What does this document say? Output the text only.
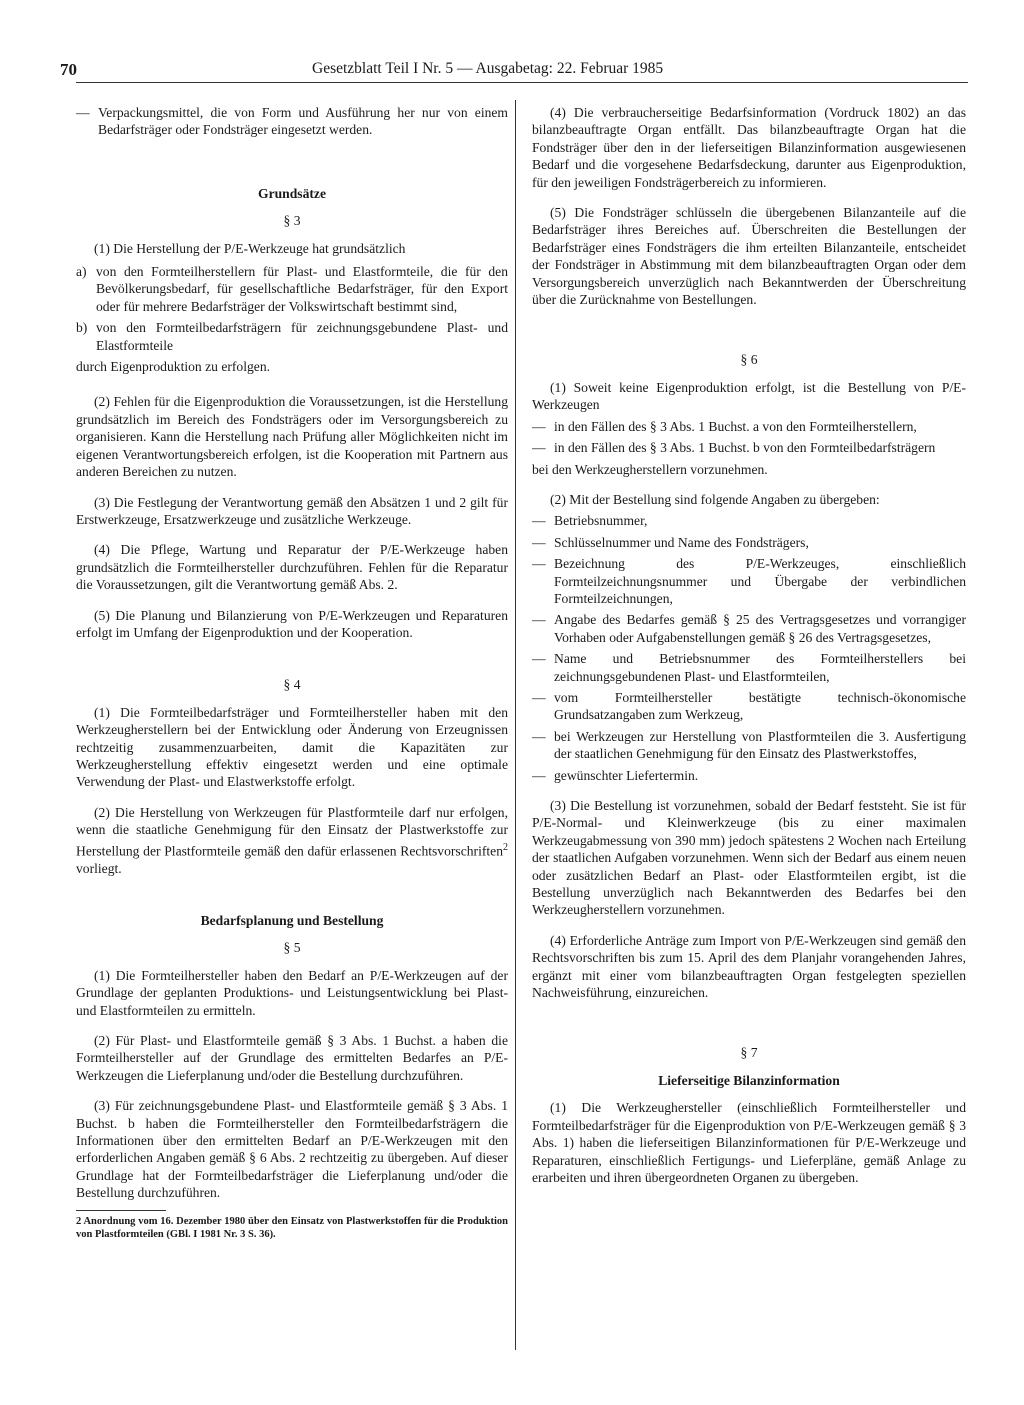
70	Gesetzblatt Teil I Nr. 5 — Ausgabetag: 22. Februar 1985
— Verpackungsmittel, die von Form und Ausführung her nur von einem Bedarfsträger oder Fondsträger eingesetzt werden.
Grundsätze
§ 3

(1) Die Herstellung der P/E-Werkzeuge hat grundsätzlich

a) von den Formteilherstellern für Plast- und Elastformteile, die für den Bevölkerungsbedarf, für gesellschaftliche Bedarfsträger, für den Export oder für mehrere Bedarfsträger der Volkswirtschaft bestimmt sind,
b) von den Formteilbedarfsträgern für zeichnungsgebundene Plast- und Elastformteile

durch Eigenproduktion zu erfolgen.

(2) Fehlen für die Eigenproduktion die Voraussetzungen, ist die Herstellung grundsätzlich im Bereich des Fondsträgers oder im Versorgungsbereich zu organisieren. Kann die Herstellung nach Prüfung aller Möglichkeiten nicht im eigenen Verantwortungsbereich erfolgen, ist die Kooperation mit Partnern aus anderen Bereichen zu nutzen.

(3) Die Festlegung der Verantwortung gemäß den Absätzen 1 und 2 gilt für Erstwerkzeuge, Ersatzwerkzeuge und zusätzliche Werkzeuge.

(4) Die Pflege, Wartung und Reparatur der P/E-Werkzeuge haben grundsätzlich die Formteilhersteller durchzuführen. Fehlen für die Reparatur die Voraussetzungen, gilt die Verantwortung gemäß Abs. 2.

(5) Die Planung und Bilanzierung von P/E-Werkzeugen und Reparaturen erfolgt im Umfang der Eigenproduktion und der Kooperation.

§ 4

(1) Die Formteilbedarfsträger und Formteilhersteller haben mit den Werkzeugherstellern bei der Entwicklung oder Änderung von Erzeugnissen rechtzeitig zusammenzuarbeiten, damit die Kapazitäten zur Werkzeugherstellung effektiv eingesetzt werden und eine optimale Verwendung der Plast- und Elastwerkstoffe erfolgt.

(2) Die Herstellung von Werkzeugen für Plastformteile darf nur erfolgen, wenn die staatliche Genehmigung für den Einsatz der Plastwerkstoffe zur Herstellung der Plastformteile gemäß den dafür erlassenen Rechtsvorschriften$^2$ vorliegt.

Bedarfsplanung und Bestellung
§ 5

(1) Die Formteilhersteller haben den Bedarf an P/E-Werkzeugen auf der Grundlage der geplanten Produktions- und Leistungsentwicklung bei Plast- und Elastformteilen zu ermitteln.

(2) Für Plast- und Elastformteile gemäß § 3 Abs. 1 Buchst. a haben die Formteilhersteller auf der Grundlage des ermittelten Bedarfes an P/E-Werkzeugen die Lieferplanung und/oder die Bestellung durchzuführen.

(3) Für zeichnungsgebundene Plast- und Elastformteile gemäß § 3 Abs. 1 Buchst. b haben die Formteilhersteller den Formteilbedarfsträgern die Informationen über den ermittelten Bedarf an P/E-Werkzeugen mit den erforderlichen Angaben gemäß § 6 Abs. 2 rechtzeitig zu übergeben. Auf dieser Grundlage hat der Formteilbedarfsträger die Lieferplanung und/oder die Bestellung durchzuführen.

2 Anordnung vom 16. Dezember 1980 über den Einsatz von Plastwerkstoffen für die Produktion von Plastformteilen (GBl. I 1981 Nr. 3 S. 36).

(4) Die verbraucherseitige Bedarfsinformation (Vordruck 1802) an das bilanzbeauftragte Organ entfällt. Das bilanzbeauftragte Organ hat die Fondsträger über den in der lieferseitigen Bilanzinformation ausgewiesenen Bedarf und die vorgesehene Bedarfsdeckung, darunter aus Eigenproduktion, für den jeweiligen Fondsträgerbereich zu informieren.

(5) Die Fondsträger schlüsseln die übergebenen Bilanzanteile auf die Bedarfsträger ihres Bereiches auf. Überschreiten die Bestellungen der Bedarfsträger eines Fondsträgers die ihm erteilten Bilanzanteile, entscheidet der Fondsträger in Abstimmung mit dem bilanzbeauftragten Organ oder dem Versorgungsbereich unverzüglich nach Bekanntwerden der Überschreitung über die Zurücknahme von Bestellungen.

§ 6

(1) Soweit keine Eigenproduktion erfolgt, ist die Bestellung von P/E-Werkzeugen

— in den Fällen des § 3 Abs. 1 Buchst. a von den Formteilherstellern,
— in den Fällen des § 3 Abs. 1 Buchst. b von den Formteilbedarfsträgern

bei den Werkzeugherstellern vorzunehmen.

(2) Mit der Bestellung sind folgende Angaben zu übergeben:

— Betriebsnummer,
— Schlüsselnummer und Name des Fondsträgers,
— Bezeichnung des P/E-Werkzeuges, einschließlich Formteilzeichnungsnummer und Übergabe der verbindlichen Formteilzeichnungen,
— Angabe des Bedarfes gemäß § 25 des Vertragsgesetzes und vorrangiger Vorhaben oder Aufgabenstellungen gemäß § 26 des Vertragsgesetzes,
— Name und Betriebsnummer des Formteilherstellers bei zeichnungsgebundenen Plast- und Elastformteilen,
— vom Formteilhersteller bestätigte technisch-ökonomische Grundsatzangaben zum Werkzeug,
— bei Werkzeugen zur Herstellung von Plastformteilen die 3. Ausfertigung der staatlichen Genehmigung für den Einsatz des Plastwerkstoffes,
— gewünschter Liefertermin.

(3) Die Bestellung ist vorzunehmen, sobald der Bedarf feststeht. Sie ist für P/E-Normal- und Kleinwerkzeuge (bis zu einer maximalen Werkzeugabmessung von 390 mm) jedoch spätestens 2 Wochen nach Erteilung der staatlichen Aufgaben vorzunehmen. Wenn sich der Bedarf aus einem neuen oder zusätzlichen Bedarf an Plast- oder Elastformteilen ergibt, ist die Bestellung unverzüglich nach Bekanntwerden des Bedarfes bei den Werkzeugherstellern vorzunehmen.

(4) Erforderliche Anträge zum Import von P/E-Werkzeugen sind gemäß den Rechtsvorschriften bis zum 15. April des dem Planjahr vorangehenden Jahres, ergänzt mit einer vom bilanzbeauftragten Organ festgelegten speziellen Nachweisführung, einzureichen.

§ 7
Lieferseitige Bilanzinformation

(1) Die Werkzeughersteller (einschließlich Formteilhersteller und Formteilbedarfsträger für die Eigenproduktion von P/E-Werkzeugen gemäß § 3 Abs. 1) haben die lieferseitigen Bilanzinformationen für P/E-Werkzeuge und Reparaturen, einschließlich Fertigungs- und Lieferpläne, gemäß Anlage zu erarbeiten und ihren übergeordneten Organen zu übergeben.
